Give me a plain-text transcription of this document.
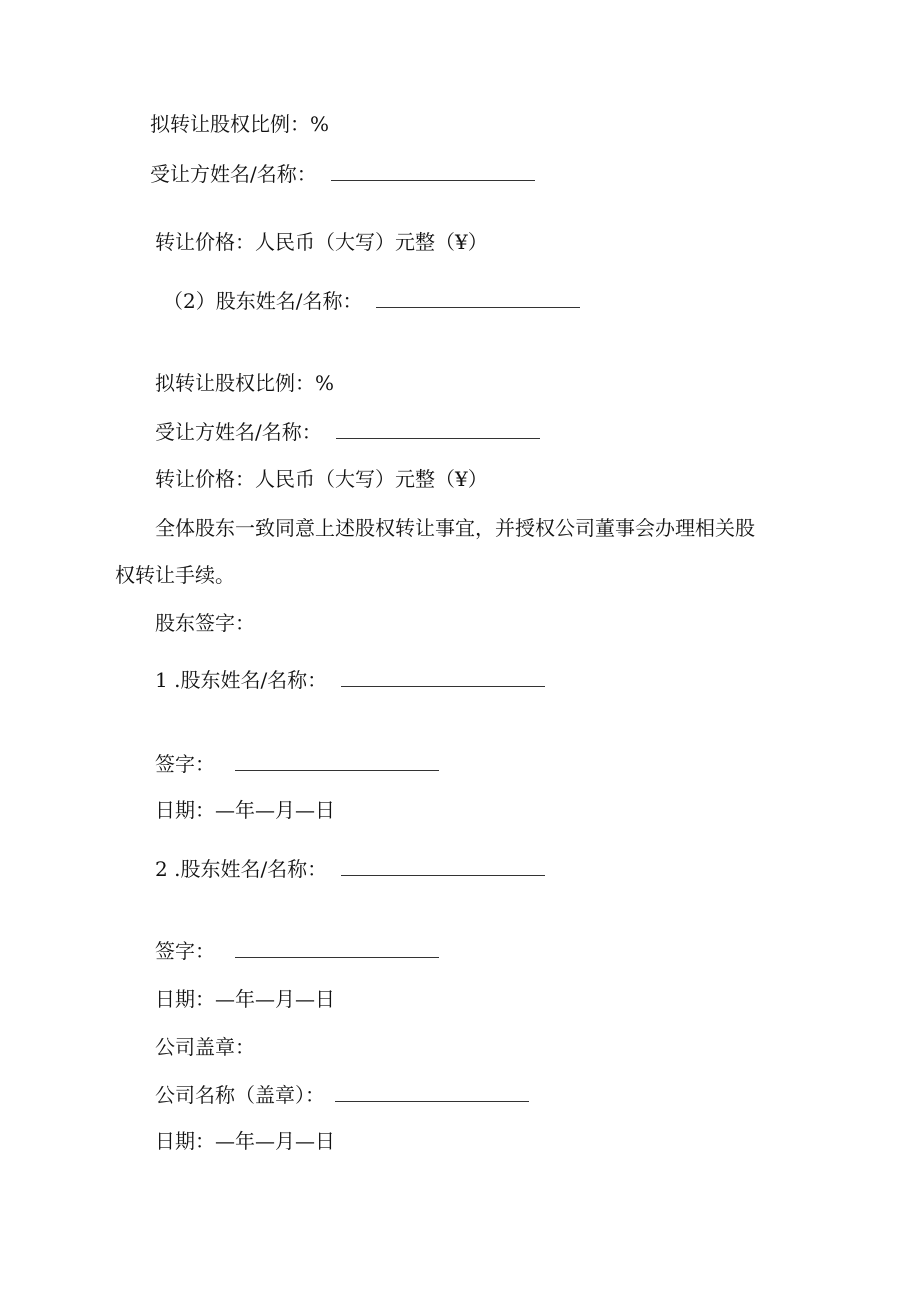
拟转让股权比例：%
受让方姓名/名称：
转让价格：人民币（大写）元整（¥）
（2）股东姓名/名称：
拟转让股权比例：%
受让方姓名/名称：
转让价格：人民币（大写）元整（¥）
全体股东一致同意上述股权转让事宜，并授权公司董事会办理相关股
权转让手续。
股东签字：
1 .股东姓名/名称：
签字：
日期：—年—月—日
2 .股东姓名/名称：
签字：
日期：—年—月—日
公司盖章：
公司名称（盖章）：
日期：—年—月—日
